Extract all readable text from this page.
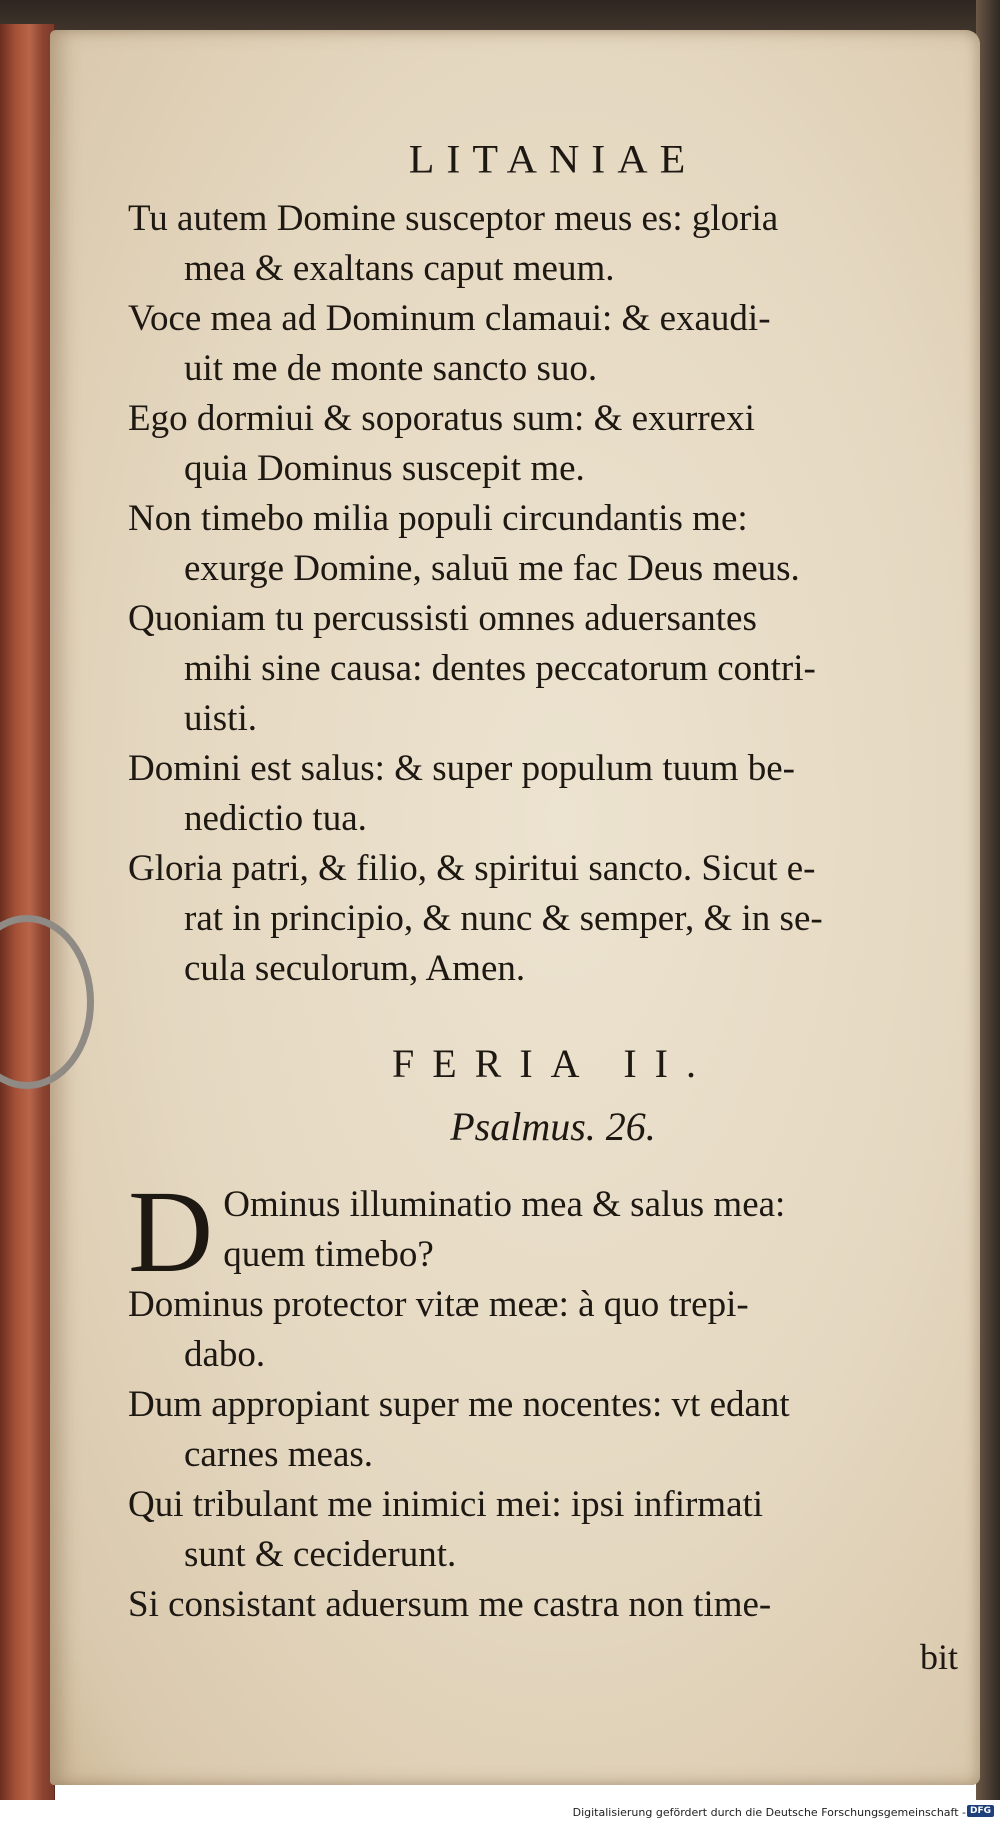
LITANIAE

Tu autem Domine susceptor meus es: gloria
mea & exaltans caput meum.

Voce mea ad Dominum clamaui: & exaudi-
uit me de monte sancto suo.

Ego dormiui & soporatus sum: & exurrexi
quia Dominus suscepit me.

Non timebo milia populi circundantis me:
exurge Domine, saluū me fac Deus meus.

Quoniam tu percussisti omnes aduersantes
mihi sine causa: dentes peccatorum contri-
uisti.

Domini est salus: & super populum tuum be-
nedictio tua.

Gloria patri, & filio, & spiritui sancto. Sicut e-
rat in principio, & nunc & semper, & in se-
cula seculorum, Amen.

FERIA II.
Psalmus. 26.

D Ominus illuminatio mea & salus mea:
quem timebo?

Dominus protector vitæ meæ: à quo trepi-
dabo.

Dum appropiant super me nocentes: vt edant
carnes meas.

Qui tribulant me inimici mei: ipsi infirmati
sunt & ceciderunt.

Si consistant aduersum me castra non time-

bit
Digitalisierung gefördert durch die Deutsche Forschungsgemeinschaft - DFG
